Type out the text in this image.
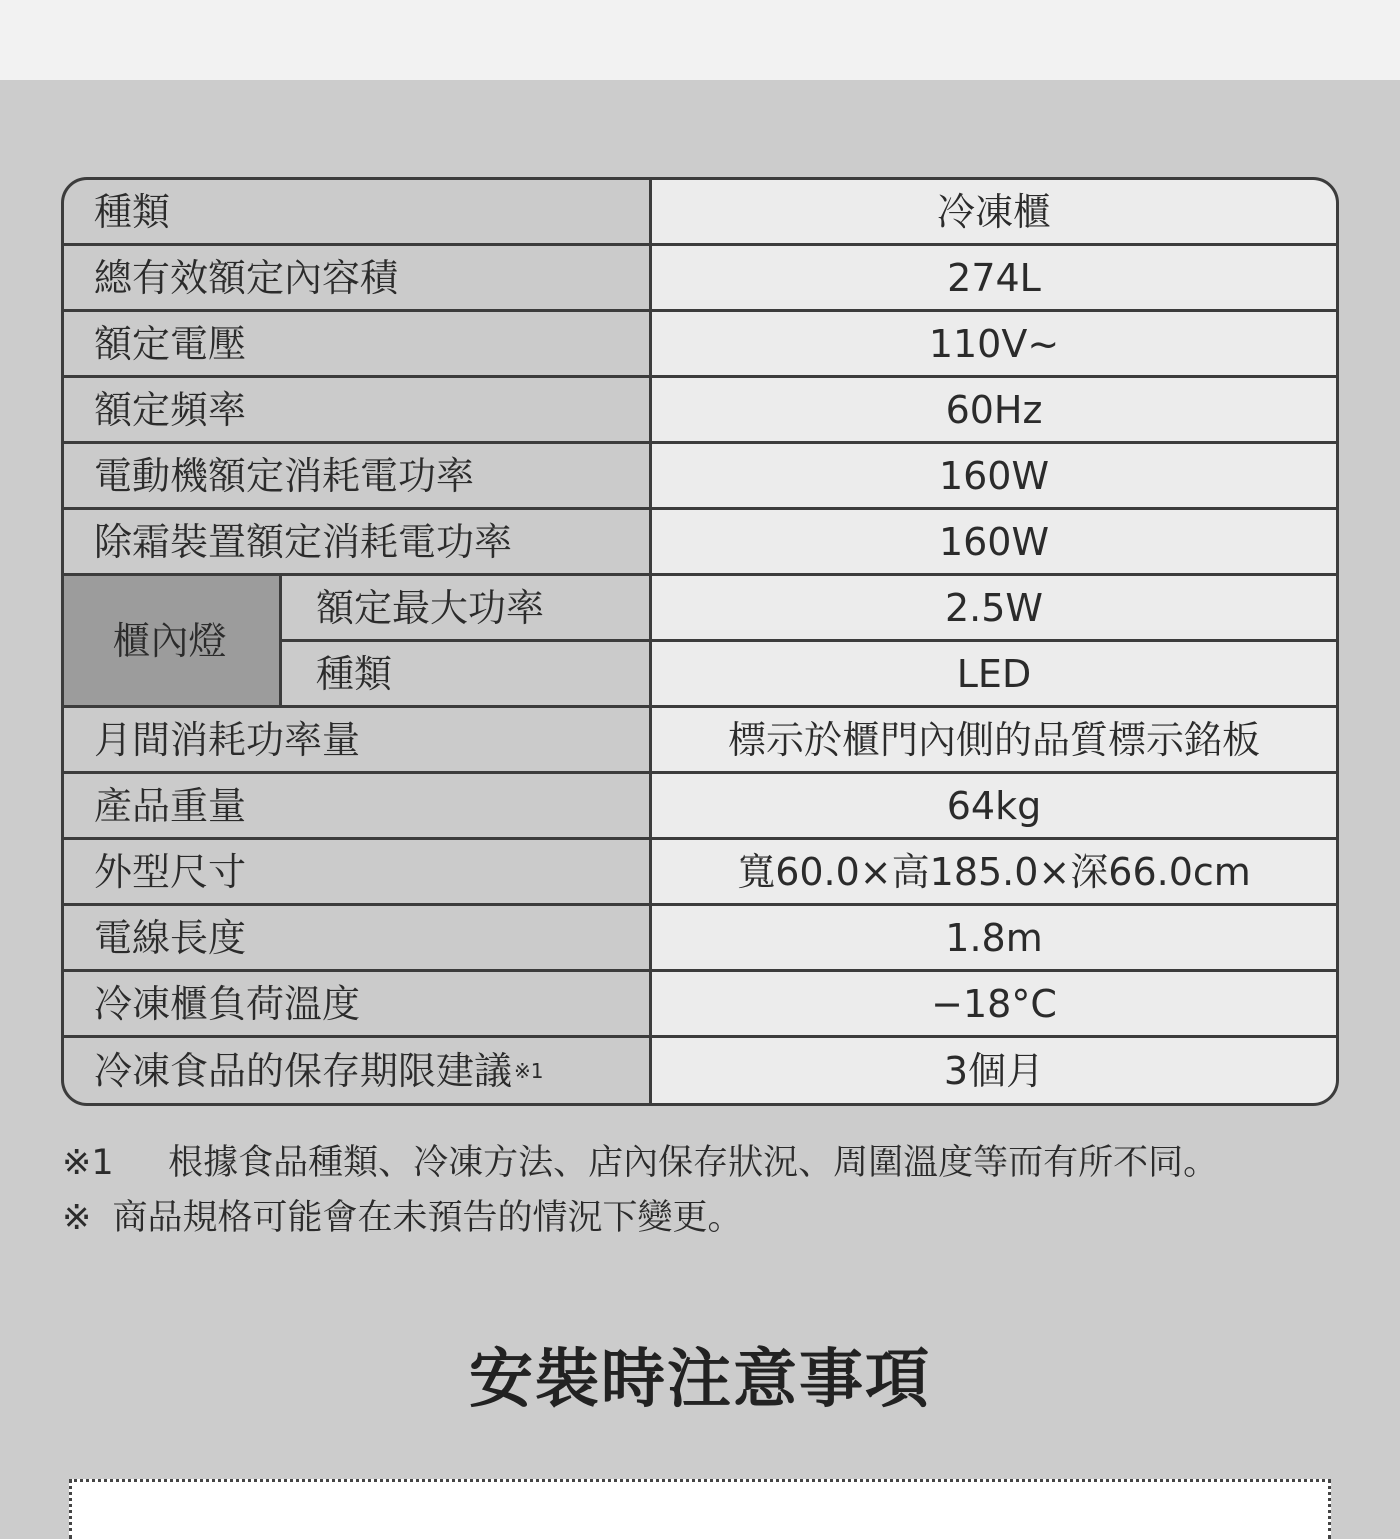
種類	冷凍櫃
總有效額定內容積	274L
額定電壓	110V~
額定頻率	60Hz
電動機額定消耗電功率	160W
除霜裝置額定消耗電功率	160W
櫃內燈
額定最大功率	2.5W
種類	LED
月間消耗功率量	標示於櫃門內側的品質標示銘板
產品重量	64kg
外型尺寸	寬60.0×高185.0×深66.0cm
電線長度	1.8m
冷凍櫃負荷溫度	−18°C
冷凍食品的保存期限建議 ※1	3個月
※1 根據食品種類、冷凍方法、店內保存狀況、周圍溫度等而有所不同。
※ 商品規格可能會在未預告的情況下變更。
安裝時注意事項
